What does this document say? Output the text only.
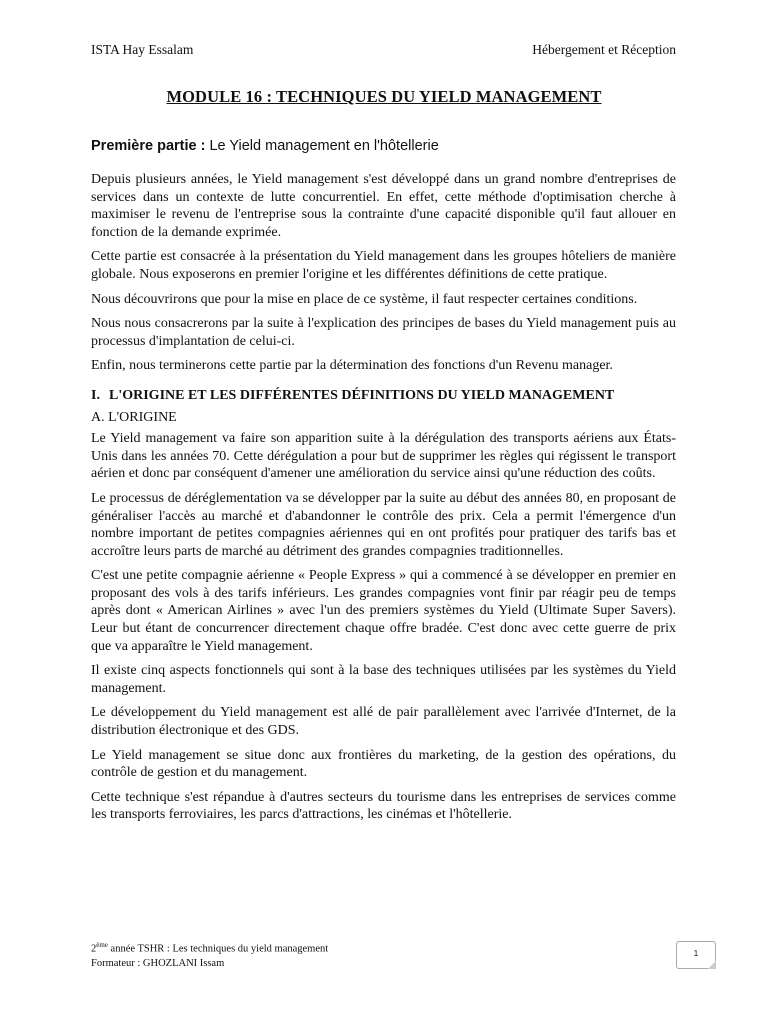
ISTA Hay Essalam	Hébergement et Réception
MODULE 16 : TECHNIQUES DU YIELD MANAGEMENT
Première partie : Le Yield management en l'hôtellerie

Depuis plusieurs années, le Yield management s'est développé dans un grand nombre d'entreprises de services dans un contexte de lutte concurrentiel. En effet, cette méthode d'optimisation cherche à maximiser le revenu de l'entreprise sous la contrainte d'une capacité disponible qu'il faut allouer en fonction de la demande exprimée.

Cette partie est consacrée à la présentation du Yield management dans les groupes hôteliers de manière globale. Nous exposerons en premier l'origine et les différentes définitions de cette pratique.

Nous découvrirons que pour la mise en place de ce système, il faut respecter certaines conditions.

Nous nous consacrerons par la suite à l'explication des principes de bases du Yield management puis au processus d'implantation de celui-ci.

Enfin, nous terminerons cette partie par la détermination des fonctions d'un Revenu manager.

I. L'ORIGINE ET LES DIFFÉRENTES DÉFINITIONS DU YIELD MANAGEMENT
A. L'ORIGINE

Le Yield management va faire son apparition suite à la dérégulation des transports aériens aux États-Unis dans les années 70. Cette dérégulation a pour but de supprimer les règles qui régissent le transport aérien et donc par conséquent d'amener une amélioration du service ainsi qu'une réduction des coûts.

Le processus de déréglementation va se développer par la suite au début des années 80, en proposant de généraliser l'accès au marché et d'abandonner le contrôle des prix. Cela a permit l'émergence d'un nombre important de petites compagnies aériennes qui en ont profités pour pratiquer des tarifs bas et accroître leurs parts de marché au détriment des grandes compagnies traditionnelles.

C'est une petite compagnie aérienne « People Express » qui a commencé à se développer en premier en proposant des vols à des tarifs inférieurs. Les grandes compagnies vont finir par réagir peu de temps après dont « American Airlines » avec l'un des premiers systèmes du Yield (Ultimate Super Savers). Leur but étant de concurrencer directement chaque offre bradée. C'est donc avec cette guerre de prix que va apparaître le Yield management.

Il existe cinq aspects fonctionnels qui sont à la base des techniques utilisées par les systèmes du Yield management.

Le développement du Yield management est allé de pair parallèlement avec l'arrivée d'Internet, de la distribution électronique et des GDS.

Le Yield management se situe donc aux frontières du marketing, de la gestion des opérations, du contrôle de gestion et du management.

Cette technique s'est répandue à d'autres secteurs du tourisme dans les entreprises de services comme les transports ferroviaires, les parcs d'attractions, les cinémas et l'hôtellerie.

2ème année TSHR : Les techniques du yield management
Formateur : GHOZLANI Issam
1
